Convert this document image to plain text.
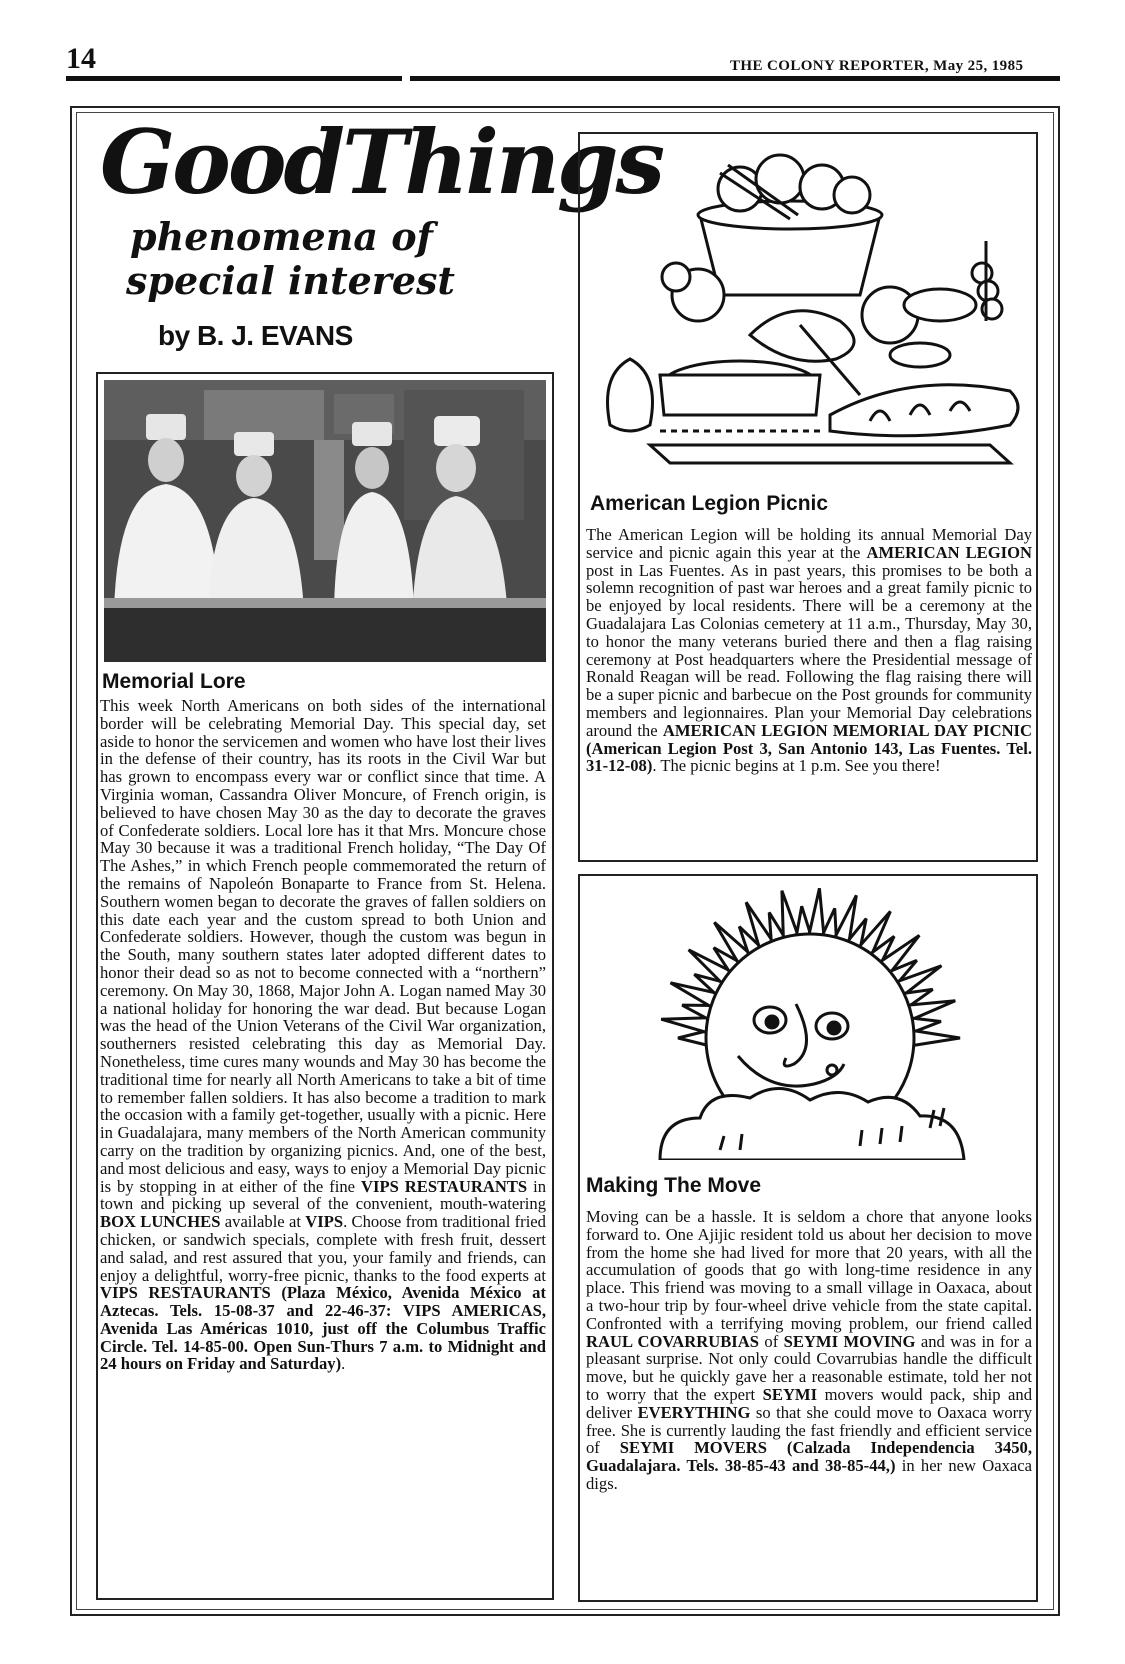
14	THE COLONY REPORTER, May 25, 1985
GoodThings
phenomena of
special interest
by B. J. EVANS
Memorial Lore
This week North Americans on both sides of the international border will be celebrating Memorial Day. This special day, set aside to honor the servicemen and women who have lost their lives in the defense of their country, has its roots in the Civil War but has grown to encompass every war or conflict since that time. A Virginia woman, Cassandra Oliver Moncure, of French origin, is believed to have chosen May 30 as the day to decorate the graves of Confederate soldiers. Local lore has it that Mrs. Moncure chose May 30 because it was a traditional French holiday, “The Day Of The Ashes,” in which French people commemorated the return of the remains of Napoleón Bonaparte to France from St. Helena. Southern women began to decorate the graves of fallen soldiers on this date each year and the custom spread to both Union and Confederate soldiers. However, though the custom was begun in the South, many southern states later adopted different dates to honor their dead so as not to become connected with a “northern” ceremony. On May 30, 1868, Major John A. Logan named May 30 a national holiday for honoring the war dead. But because Logan was the head of the Union Veterans of the Civil War organization, southerners resisted celebrating this day as Memorial Day. Nonetheless, time cures many wounds and May 30 has become the traditional time for nearly all North Americans to take a bit of time to remember fallen soldiers. It has also become a tradition to mark the occasion with a family get-together, usually with a picnic. Here in Guadalajara, many members of the North American community carry on the tradition by organizing picnics. And, one of the best, and most delicious and easy, ways to enjoy a Memorial Day picnic is by stopping in at either of the fine VIPS RESTAURANTS in town and picking up several of the convenient, mouth-watering BOX LUNCHES available at VIPS. Choose from traditional fried chicken, or sandwich specials, complete with fresh fruit, dessert and salad, and rest assured that you, your family and friends, can enjoy a delightful, worry-free picnic, thanks to the food experts at VIPS RESTAURANTS (Plaza México, Avenida México at Aztecas. Tels. 15-08-37 and 22-46-37: VIPS AMERICAS, Avenida Las Américas 1010, just off the Columbus Traffic Circle. Tel. 14-85-00. Open Sun-Thurs 7 a.m. to Midnight and 24 hours on Friday and Saturday).
American Legion Picnic
The American Legion will be holding its annual Memorial Day service and picnic again this year at the AMERICAN LEGION post in Las Fuentes. As in past years, this promises to be both a solemn recognition of past war heroes and a great family picnic to be enjoyed by local residents. There will be a ceremony at the Guadalajara Las Colonias cemetery at 11 a.m., Thursday, May 30, to honor the many veterans buried there and then a flag raising ceremony at Post headquarters where the Presidential message of Ronald Reagan will be read. Following the flag raising there will be a super picnic and barbecue on the Post grounds for community members and legionnaires. Plan your Memorial Day celebrations around the AMERICAN LEGION MEMORIAL DAY PICNIC (American Legion Post 3, San Antonio 143, Las Fuentes. Tel. 31-12-08). The picnic begins at 1 p.m. See you there!
Making The Move
Moving can be a hassle. It is seldom a chore that anyone looks forward to. One Ajijic resident told us about her decision to move from the home she had lived for more that 20 years, with all the accumulation of goods that go with long-time residence in any place. This friend was moving to a small village in Oaxaca, about a two-hour trip by four-wheel drive vehicle from the state capital. Confronted with a terrifying moving problem, our friend called RAUL COVARRUBIAS of SEYMI MOVING and was in for a pleasant surprise. Not only could Covarrubias handle the difficult move, but he quickly gave her a reasonable estimate, told her not to worry that the expert SEYMI movers would pack, ship and deliver EVERYTHING so that she could move to Oaxaca worry free. She is currently lauding the fast friendly and efficient service of SEYMI MOVERS (Calzada Independencia 3450, Guadalajara. Tels. 38-85-43 and 38-85-44,) in her new Oaxaca digs.
